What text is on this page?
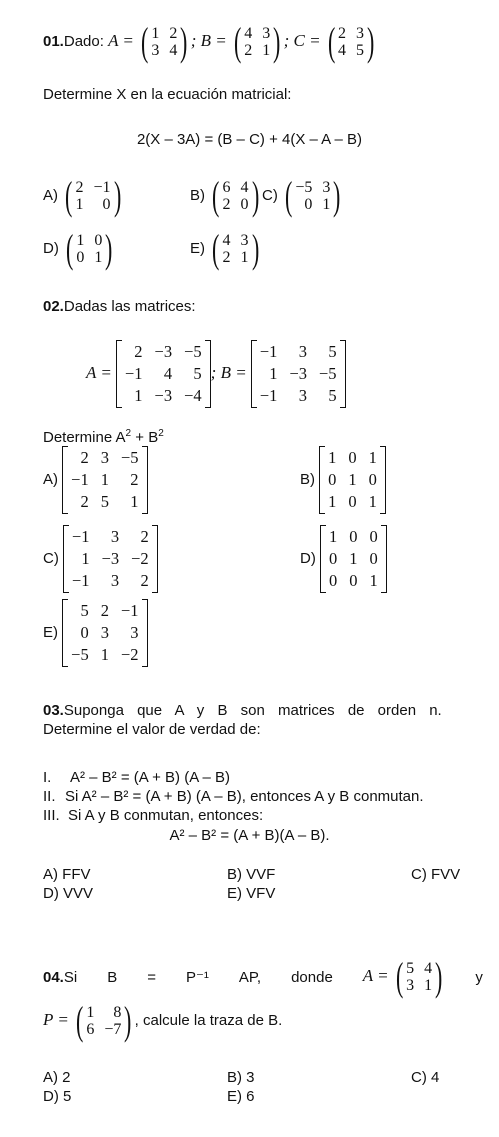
01.Dado: A = ( 1 2
3 4 ) ; B = ( 4 3
2 1 ) ; C = ( 2 3
4 5 )
Determine X en la ecuación matricial:
2(X – 3A) = (B – C) + 4(X – A – B)
A) ( 2 −1
1	0 )	B) ( 6 4
2 0 ) C) ( −5 3
0 1 )
D) ( 1 0
0 1 )	E) ( 4 3
2 1 )
02.Dadas las matrices:
A =
2 −3 −5
−1	4	5
1 −3 −4
; B =
−1	3	5
1 −3 −5
−1	3	5
Determine $A^2 + B^2$
A)
2 3 −5
−1 1	2
2 5	1
B)
1 0 1
0 1 0
1 0 1
C)
−1	3	2
1 −3 −2
−1	3	2
D)
1 0 0
0 1 0
0 0 1
E)
5 2 −1
0 3	3
−5 1 −2
03.Suponga que A y B son matrices de orden n.
Determine el valor de verdad de:
I. A² – B² = (A + B) (A – B)
II. Si A² – B² = (A + B) (A – B), entonces A y B conmutan.
III. Si A y B conmutan, entonces:
A² – B² = (A + B)(A – B).
A) FFV	B) VVF	C) FVV
D) VVV	E) VFV
04.Si B = P⁻¹ AP, donde A = ( 5 4
3 1 ) y
P = ( 1	8
6 −7 ) , calcule la traza de B.
A) 2	B) 3	C) 4
D) 5	E) 6
